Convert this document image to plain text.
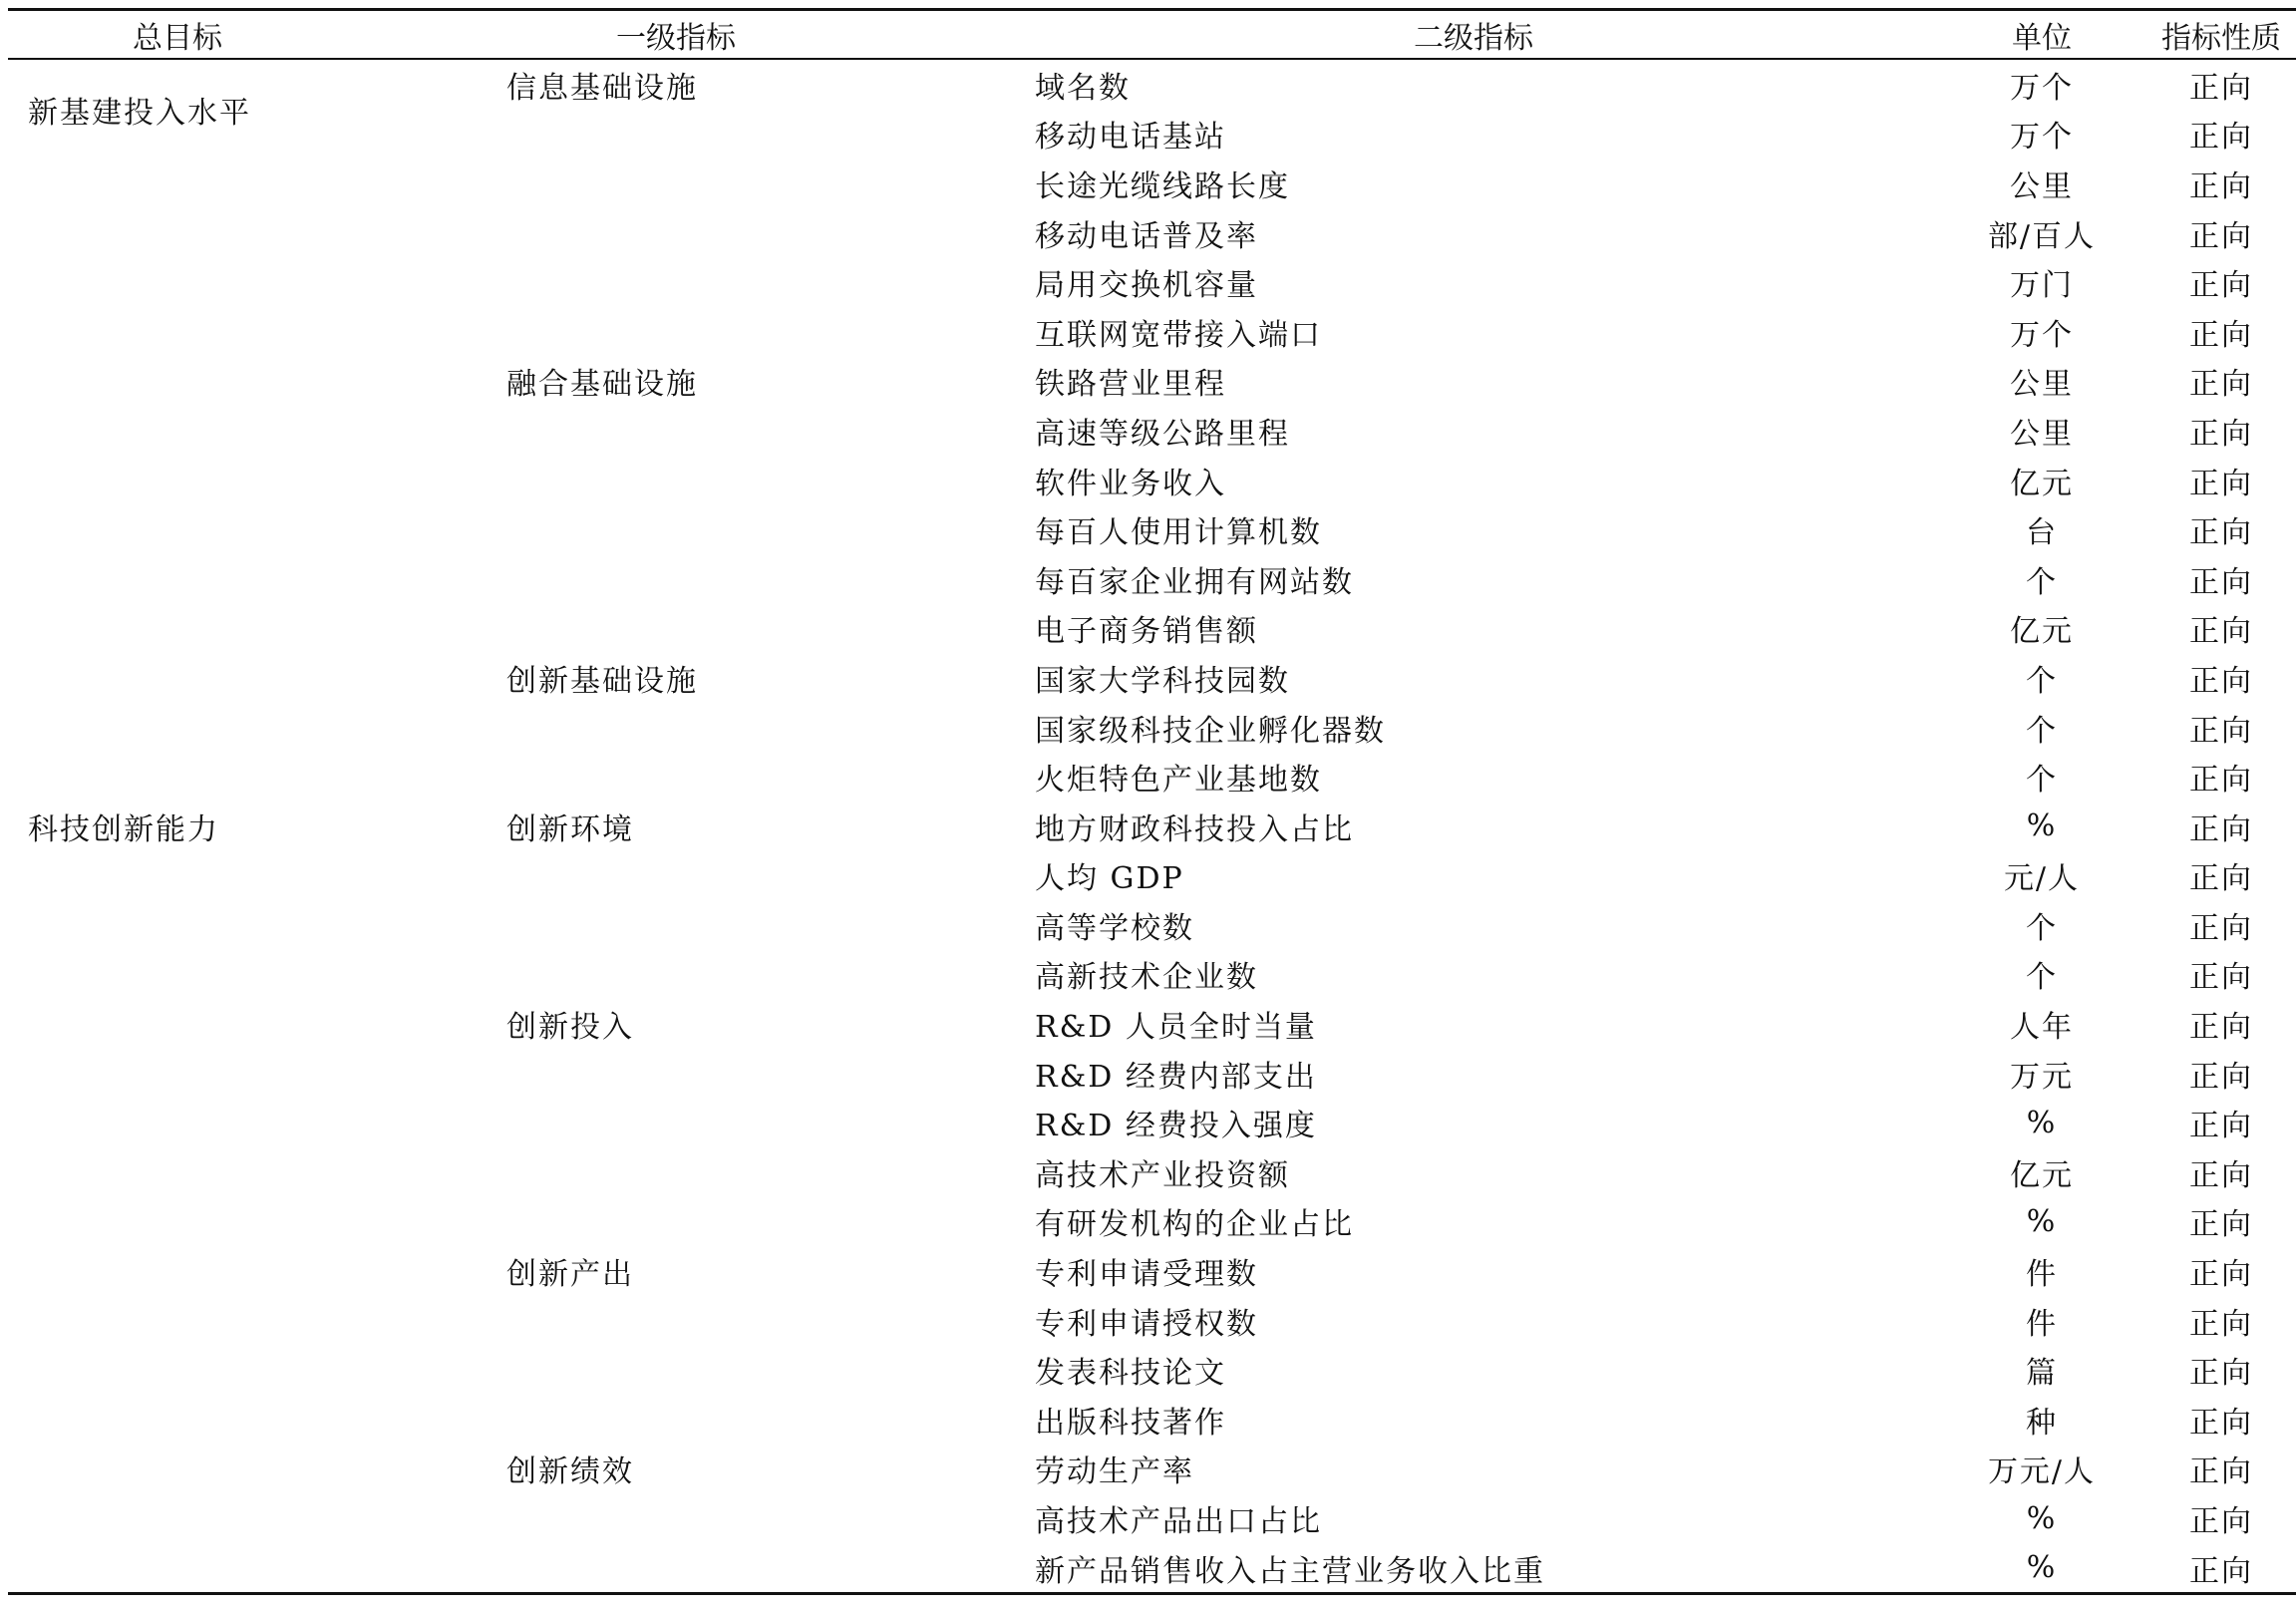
总目标	一级指标	二级指标	单位	指标性质
新基建投入水平	信息基础设施	域名数	万个	正向
		移动电话基站	万个	正向
		长途光缆线路长度	公里	正向
		移动电话普及率	部/百人	正向
		局用交换机容量	万门	正向
		互联网宽带接入端口	万个	正向
	融合基础设施	铁路营业里程	公里	正向
		高速等级公路里程	公里	正向
		软件业务收入	亿元	正向
		每百人使用计算机数	台	正向
		每百家企业拥有网站数	个	正向
		电子商务销售额	亿元	正向
	创新基础设施	国家大学科技园数	个	正向
		国家级科技企业孵化器数	个	正向
		火炬特色产业基地数	个	正向
科技创新能力	创新环境	地方财政科技投入占比	%	正向
		人均 GDP	元/人	正向
		高等学校数	个	正向
		高新技术企业数	个	正向
	创新投入	R&D 人员全时当量	人年	正向
		R&D 经费内部支出	万元	正向
		R&D 经费投入强度	%	正向
		高技术产业投资额	亿元	正向
		有研发机构的企业占比	%	正向
	创新产出	专利申请受理数	件	正向
		专利申请授权数	件	正向
		发表科技论文	篇	正向
		出版科技著作	种	正向
	创新绩效	劳动生产率	万元/人	正向
		高技术产品出口占比	%	正向
		新产品销售收入占主营业务收入比重	%	正向
